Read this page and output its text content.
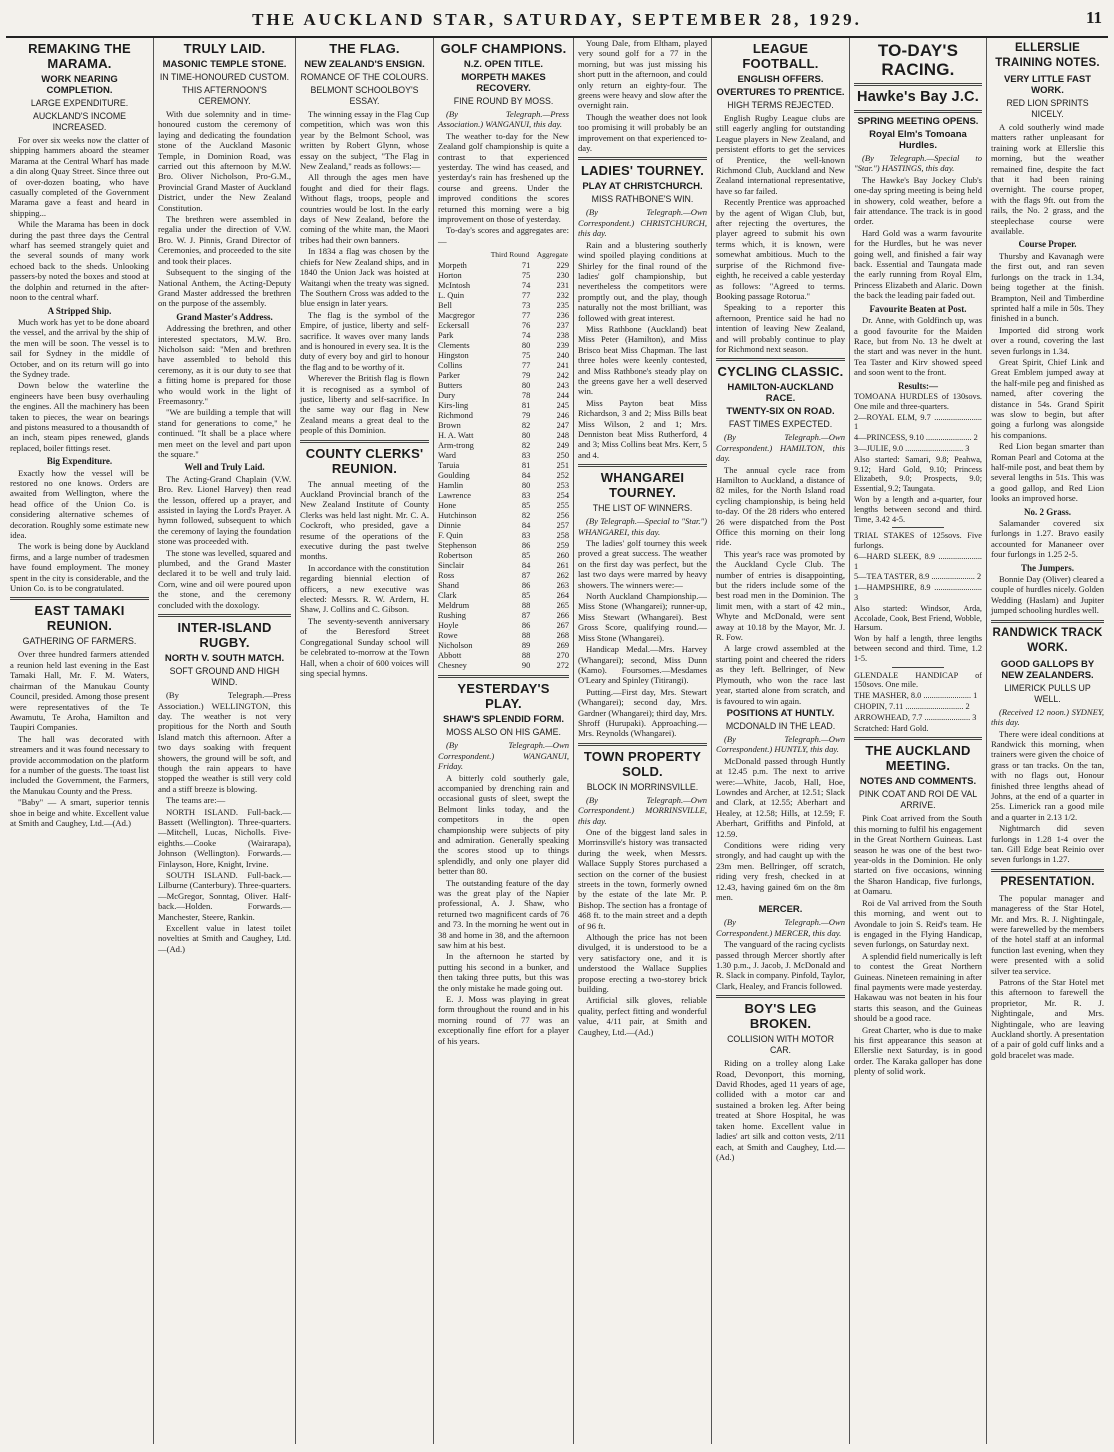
THE AUCKLAND STAR, SATURDAY, SEPTEMBER 28, 1929.	11
REMAKING THE MARAMA.
WORK NEARING COMPLETION.
LARGE EXPENDITURE.
AUCKLAND'S INCOME INCREASED.

For over six weeks now the clatter of shipping hammers aboard the steamer Marama at the Central Wharf has made a din along Quay Street. Since three out of over-dozen boating, who have casually completed of the Government Marama gave a feast and heard in shipping...

While the Marama has been in dock during the past three days the Central wharf has seemed strangely quiet and the several sounds of many work echoed back to the sheds. Unlooking passers-by noted the boxes and stood at the dolphin and returned in the after-noon to the central wharf.

A Stripped Ship.

Much work has yet to be done aboard the vessel, and the arrival by the ship of the men will be soon. The vessel is to sail for Sydney in the middle of October, and on its return will go into the Sydney trade.

Down below the waterline the engineers have been busy overhauling the engines. All the machinery has been taken to pieces, the wear on bearings and pistons measured to a thousandth of an inch, steam pipes renewed, glands replaced, boiler fittings reset.

Big Expenditure.

Exactly how the vessel will be restored no one knows. Orders are awaited from Wellington, where the head office of the Union Co. is considering alternative schemes of decoration. Roughly some estimate new idea.

The work is being done by Auckland firms, and a large number of tradesmen have found employment. The money spent in the city is considerable, and the Union Co. is to be congratulated.

EAST TAMAKI REUNION.
GATHERING OF FARMERS.

Over three hundred farmers attended a reunion held last evening in the East Tamaki Hall, Mr. F. M. Waters, chairman of the Manukau County Council, presided. Among those present were representatives of the Te Awamutu, Te Aroha, Hamilton and Taupiri Companies.

The hall was decorated with streamers and it was found necessary to provide accommodation on the platform for a number of the guests. The toast list included the Government, the Farmers, the Manukau County and the Press.

"Baby" — A smart, superior tennis shoe in beige and white. Excellent value at Smith and Caughey, Ltd.—(Ad.)

TRULY LAID.
MASONIC TEMPLE STONE.
IN TIME-HONOURED CUSTOM.
THIS AFTERNOON'S CEREMONY.

With due solemnity and in time-honoured custom the ceremony of laying and dedicating the foundation stone of the Auckland Masonic Temple, in Dominion Road, was carried out this afternoon by M.W. Bro. Oliver Nicholson, Pro-G.M., Provincial Grand Master of Auckland District, under the New Zealand Constitution.

The brethren were assembled in regalia under the direction of V.W. Bro. W. J. Pinnis, Grand Director of Ceremonies, and proceeded to the site and took their places.

Subsequent to the singing of the National Anthem, the Acting-Deputy Grand Master addressed the brethren on the purpose of the assembly.

Grand Master's Address.

Addressing the brethren, and other interested spectators, M.W. Bro. Nicholson said: "Men and brethren have assembled to behold this ceremony, as it is our duty to see that a fitting home is prepared for those who would work in the light of Freemasonry."

"We are building a temple that will stand for generations to come," he continued. "It shall be a place where men meet on the level and part upon the square."

Well and Truly Laid.

The Acting-Grand Chaplain (V.W. Bro. Rev. Lionel Harvey) then read the lesson, offered up a prayer, and assisted in laying the Lord's Prayer. A hymn followed, subsequent to which the ceremony of laying the foundation stone was proceeded with.

The stone was levelled, squared and plumbed, and the Grand Master declared it to be well and truly laid. Corn, wine and oil were poured upon the stone, and the ceremony concluded with the doxology.

INTER-ISLAND RUGBY.
NORTH V. SOUTH MATCH.
SOFT GROUND AND HIGH WIND.

(By Telegraph.—Press Association.) WELLINGTON, this day. The weather is not very propitious for the North and South Island match this afternoon. After a two days soaking with frequent showers, the ground will be soft, and though the rain appears to have stopped the weather is still very cold and a stiff breeze is blowing.

The teams are:—

NORTH ISLAND. Full-back.—Bassett (Wellington). Three-quarters.—Mitchell, Lucas, Nicholls. Five-eighths.—Cooke (Wairarapa), Johnson (Wellington). Forwards.—Finlayson, Hore, Knight, Irvine.

SOUTH ISLAND. Full-back.—Lilburne (Canterbury). Three-quarters.—McGregor, Sonntag, Oliver. Half-back.—Holden. Forwards.—Manchester, Steere, Rankin.

Excellent value in latest toilet novelties at Smith and Caughey, Ltd.—(Ad.)

THE FLAG.
NEW ZEALAND'S ENSIGN.
ROMANCE OF THE COLOURS.
BELMONT SCHOOLBOY'S ESSAY.

The winning essay in the Flag Cup competition, which was won this year by the Belmont School, was written by Robert Glynn, whose essay on the subject, "The Flag in New Zealand," reads as follows:—

All through the ages men have fought and died for their flags. Without flags, troops, people and countries would be lost. In the early days of New Zealand, before the coming of the white man, the Maori tribes had their own banners.

In 1834 a flag was chosen by the chiefs for New Zealand ships, and in 1840 the Union Jack was hoisted at Waitangi when the treaty was signed. The Southern Cross was added to the blue ensign in later years.

The flag is the symbol of the Empire, of justice, liberty and self-sacrifice. It waves over many lands and is honoured in every sea. It is the duty of every boy and girl to honour the flag and to be worthy of it.

Wherever the British flag is flown it is recognised as a symbol of justice, liberty and self-sacrifice. In the same way our flag in New Zealand means a great deal to the people of this Dominion.

COUNTY CLERKS' REUNION.

The annual meeting of the Auckland Provincial branch of the New Zealand Institute of County Clerks was held last night. Mr. C. A. Cockroft, who presided, gave a resume of the operations of the executive during the past twelve months.

In accordance with the constitution regarding biennial election of officers, a new executive was elected: Messrs. R. W. Ardern, H. Shaw, J. Collins and C. Gibson.

The seventy-seventh anniversary of the Beresford Street Congregational Sunday school will be celebrated to-morrow at the Town Hall, when a choir of 600 voices will sing special hymns.

GOLF CHAMPIONS.
N.Z. OPEN TITLE.
MORPETH MAKES RECOVERY.
FINE ROUND BY MOSS.

(By Telegraph.—Press Association.) WANGANUI, this day.

The weather to-day for the New Zealand golf championship is quite a contrast to that experienced yesterday. The wind has ceased, and yesterday's rain has freshened up the course and greens. Under the improved conditions the scores returned this morning were a big improvement on those of yesterday.

To-day's scores and aggregates are:—

	Third Round	Aggregate
Morpeth	71	229
Horton	75	230
McIntosh	74	231
L. Quin	77	232
Bell	73	235
Macgregor	77	236
Eckersall	76	237
Park	74	238
Clements	80	239
Hingston	75	240
Collins	77	241
Parker	79	242
Butters	80	243
Dury	78	244
Kirs-ling	81	245
Richmond	79	246
Brown	82	247
H. A. Watt	80	248
Arm-trong	82	249
Ward	83	250
Taruia	81	251
Goulding	84	252
Hamlin	80	253
Lawrence	83	254
Hone	85	255
Hutchinson	82	256
Dinnie	84	257
F. Quin	83	258
Stephenson	86	259
Robertson	85	260
Sinclair	84	261
Ross	87	262
Shand	86	263
Clark	85	264
Meldrum	88	265
Rushing	87	266
Hoyle	86	267
Rowe	88	268
Nicholson	89	269
Abbott	88	270
Chesney	90	272
YESTERDAY'S PLAY.
SHAW'S SPLENDID FORM.
MOSS ALSO ON HIS GAME.

(By Telegraph.—Own Correspondent.) WANGANUI, Friday.

A bitterly cold southerly gale, accompanied by drenching rain and occasional gusts of sleet, swept the Belmont links today, and the competitors in the open championship were subjects of pity and admiration. Generally speaking the scores stood up to things splendidly, and only one player did better than 80.

The outstanding feature of the day was the great play of the Napier professional, A. J. Shaw, who returned two magnificent cards of 76 and 73. In the morning he went out in 38 and home in 38, and the afternoon saw him at his best.

In the afternoon he started by putting his second in a bunker, and then taking three putts, but this was the only mistake he made going out.

E. J. Moss was playing in great form throughout the round and in his morning round of 77 was an exceptionally fine effort for a player of his years.

Young Dale, from Eltham, played very sound golf for a 77 in the morning, but was just missing his short putt in the afternoon, and could only return an eighty-four. The greens were heavy and slow after the overnight rain.

Though the weather does not look too promising it will probably be an improvement on that experienced to-day.

LADIES' TOURNEY.
PLAY AT CHRISTCHURCH.
MISS RATHBONE'S WIN.

(By Telegraph.—Own Correspondent.) CHRISTCHURCH, this day.

Rain and a blustering southerly wind spoiled playing conditions at Shirley for the final round of the ladies' golf championship, but nevertheless the competitors were promptly out, and the play, though naturally not the most brilliant, was followed with great interest.

Miss Rathbone (Auckland) beat Miss Peter (Hamilton), and Miss Brisco beat Miss Chapman. The last three holes were keenly contested, and Miss Rathbone's steady play on the greens gave her a well deserved win.

Miss Payton beat Miss Richardson, 3 and 2; Miss Bills beat Miss Wilson, 2 and 1; Mrs. Denniston beat Miss Rutherford, 4 and 3; Miss Collins beat Mrs. Kerr, 5 and 4.

WHANGAREI TOURNEY.
THE LIST OF WINNERS.

(By Telegraph.—Special to "Star.") WHANGAREI, this day.

The ladies' golf tourney this week proved a great success. The weather on the first day was perfect, but the last two days were marred by heavy showers. The winners were:—

North Auckland Championship.—Miss Stone (Whangarei); runner-up, Miss Stewart (Whangarei). Best Gross Score, qualifying round.—Miss Stone (Whangarei).

Handicap Medal.—Mrs. Harvey (Whangarei); second, Miss Dunn (Kamo). Foursomes.—Mesdames O'Leary and Spinley (Titirangi).

Putting.—First day, Mrs. Stewart (Whangarei); second day, Mrs. Gardner (Whangarei); third day, Mrs. Shroff (Hurupaki). Approaching.—Mrs. Reynolds (Whangarei).

TOWN PROPERTY SOLD.
BLOCK IN MORRINSVILLE.

(By Telegraph.—Own Correspondent.) MORRINSVILLE, this day.

One of the biggest land sales in Morrinsville's history was transacted during the week, when Messrs. Wallace Supply Stores purchased a section on the corner of the busiest streets in the town, formerly owned by the estate of the late Mr. P. Bishop. The section has a frontage of 468 ft. to the main street and a depth of 96 ft.

Although the price has not been divulged, it is understood to be a very satisfactory one, and it is understood the Wallace Supplies propose erecting a two-storey brick building.

Artificial silk gloves, reliable quality, perfect fitting and wonderful value, 4/11 pair, at Smith and Caughey, Ltd.—(Ad.)

LEAGUE FOOTBALL.
ENGLISH OFFERS.
OVERTURES TO PRENTICE.
HIGH TERMS REJECTED.

English Rugby League clubs are still eagerly angling for outstanding League players in New Zealand, and persistent efforts to get the services of Prentice, the well-known Richmond Club, Auckland and New Zealand international representative, have so far failed.

Recently Prentice was approached by the agent of Wigan Club, but, after rejecting the overtures, the player agreed to submit his own terms which, it is known, were somewhat ambitious. Much to the surprise of the Richmond five-eighth, he received a cable yesterday as follows: "Agreed to terms. Booking passage Rotorua."

Speaking to a reporter this afternoon, Prentice said he had no intention of leaving New Zealand, and will probably continue to play for Richmond next season.

CYCLING CLASSIC.
HAMILTON-AUCKLAND RACE.
TWENTY-SIX ON ROAD.
FAST TIMES EXPECTED.

(By Telegraph.—Own Correspondent.) HAMILTON, this day.

The annual cycle race from Hamilton to Auckland, a distance of 82 miles, for the North Island road cycling championship, is being held to-day. Of the 28 riders who entered 26 were dispatched from the Post Office this morning on their long ride.

This year's race was promoted by the Auckland Cycle Club. The number of entries is disappointing, but the riders include some of the best road men in the Dominion. The limit men, with a start of 42 min., Whyte and McDonald, were sent away at 10.18 by the Mayor, Mr. J. R. Fow.

A large crowd assembled at the starting point and cheered the riders as they left. Bellringer, of New Plymouth, who won the race last year, started alone from scratch, and is favoured to win again.

POSITIONS AT HUNTLY.
MCDONALD IN THE LEAD.

(By Telegraph.—Own Correspondent.) HUNTLY, this day.

McDonald passed through Huntly at 12.45 p.m. The next to arrive were:—White, Jacob, Hall, Hoe, Lowndes and Archer, at 12.51; Slack and Clark, at 12.55; Aberhart and Healey, at 12.58; Hills, at 12.59; F. Aberhart, Griffiths and Pinfold, at 12.59.

Conditions were riding very strongly, and had caught up with the 23m men. Bellringer, off scratch, riding very fresh, checked in at 12.43, having gained 6m on the 8m men.

MERCER.

(By Telegraph.—Own Correspondent.) MERCER, this day.

The vanguard of the racing cyclists passed through Mercer shortly after 1.30 p.m., J. Jacob, J. McDonald and R. Slack in company. Pinfold, Taylor, Clark, Healey, and Francis followed.

BOY'S LEG BROKEN.
COLLISION WITH MOTOR CAR.

Riding on a trolley along Lake Road, Devonport, this morning, David Rhodes, aged 11 years of age, collided with a motor car and sustained a broken leg. After being treated at Shore Hospital, he was taken home. Excellent value in ladies' art silk and cotton vests, 2/11 each, at Smith and Caughey, Ltd.—(Ad.)

TO-DAY'S RACING.
Hawke's Bay J.C.
SPRING MEETING OPENS.
Royal Elm's Tomoana Hurdles.

(By Telegraph.—Special to "Star.") HASTINGS, this day.

The Hawke's Bay Jockey Club's one-day spring meeting is being held in showery, cold weather, before a fair attendance. The track is in good order.

Hard Gold was a warm favourite for the Hurdles, but he was never going well, and finished a fair way back. Essential and Taungata made the early running from Royal Elm, Princess Elizabeth and Alaric. Down the back the leading pair faded out.

Favourite Beaten at Post.

Dr. Anne, with Goldfinch up, was a good favourite for the Maiden Race, but from No. 13 he dwelt at the start and was never in the hunt. Tea Taster and Kirv showed speed and soon went to the front.

Results:—
TOMOANA HURDLES of 130sovs. One mile and three-quarters.
2—ROYAL ELM, 9.7 ....................... 1
4—PRINCESS, 9.10 ...................... 2
3—JULIE, 9.0 ............................ 3
Also started: Samari, 9.8; Peahwa, 9.12; Hard Gold, 9.10; Princess Elizabeth, 9.0; Prospects, 9.0; Essential, 9.2; Taungata.
Won by a length and a-quarter, four lengths between second and third. Time, 3.42 4-5.
TRIAL STAKES of 125sovs. Five furlongs.
6—HARD SLEEK, 8.9 ..................... 1
5—TEA TASTER, 8.9 ..................... 2
1—HAMPSHIRE, 8.9 ....................... 3
Also started: Windsor, Arda, Accolade, Cook, Best Friend, Wobble, Harsum.
Won by half a length, three lengths between second and third. Time, 1.2 1-5.
GLENDALE HANDICAP of 150sovs. One mile.
THE MASHER, 8.0 ....................... 1
CHOPIN, 7.11 ............................ 2
ARROWHEAD, 7.7 ...................... 3
Scratched: Hard Gold.
THE AUCKLAND MEETING.
NOTES AND COMMENTS.
PINK COAT AND ROI DE VAL ARRIVE.

Pink Coat arrived from the South this morning to fulfil his engagement in the Great Northern Guineas. Last season he was one of the best two-year-olds in the Dominion. He only started on five occasions, winning the Sharon Handicap, five furlongs, at Oamaru.

Roi de Val arrived from the South this morning, and went out to Avondale to join S. Reid's team. He is engaged in the Flying Handicap, seven furlongs, on Saturday next.

A splendid field numerically is left to contest the Great Northern Guineas. Nineteen remaining in after final payments were made yesterday. Hakawau was not beaten in his four starts this season, and the Guineas should be a good race.

Great Charter, who is due to make his first appearance this season at Ellerslie next Saturday, is in good order. The Karaka galloper has done plenty of solid work.

ELLERSLIE TRAINING NOTES.
VERY LITTLE FAST WORK.
RED LION SPRINTS NICELY.

A cold southerly wind made matters rather unpleasant for training work at Ellerslie this morning, but the weather remained fine, despite the fact that it had been raining overnight. The course proper, with the flags 9ft. out from the rails, the No. 2 grass, and the steeplechase course were available.

Course Proper.

Thursby and Kavanagh were the first out, and ran seven furlongs on the track in 1.34, being together at the finish. Brampton, Neil and Timberdine sprinted half a mile in 50s. They finished in a bunch.

Imported did strong work over a round, covering the last seven furlongs in 1.34.

Great Spirit, Chief Link and Great Emblem jumped away at the half-mile peg and finished as named, after covering the distance in 54s. Grand Spirit was slow to begin, but after going a furlong was alongside his companions.

Red Lion began smarter than Roman Pearl and Cotoma at the half-mile post, and beat them by several lengths in 51s. This was a good gallop, and Red Lion looks an improved horse.

No. 2 Grass.

Salamander covered six furlongs in 1.27. Bravo easily accounted for Mananeer over four furlongs in 1.25 2-5.

The Jumpers.

Bonnie Day (Oliver) cleared a couple of hurdles nicely. Golden Wedding (Haslam) and Jupiter jumped schooling hurdles well.

RANDWICK TRACK WORK.
GOOD GALLOPS BY NEW ZEALANDERS.
LIMERICK PULLS UP WELL.

(Received 12 noon.) SYDNEY, this day.

There were ideal conditions at Randwick this morning, when trainers were given the choice of grass or tan tracks. On the tan, with no flags out, Honour finished three lengths ahead of Johns, at the end of a quarter in 25s. Limerick ran a good mile and a quarter in 2.13 1/2.

Nightmarch did seven furlongs in 1.28 1-4 over the tan. Gill Edge beat Reinio over seven furlongs in 1.27.

PRESENTATION.

The popular manager and manageress of the Star Hotel, Mr. and Mrs. R. J. Nightingale, were farewelled by the members of the hotel staff at an informal function last evening, when they were presented with a solid silver tea service.

Patrons of the Star Hotel met this afternoon to farewell the proprietor, Mr. R. J. Nightingale, and Mrs. Nightingale, who are leaving Auckland shortly. A presentation of a pair of gold cuff links and a gold bracelet was made.
